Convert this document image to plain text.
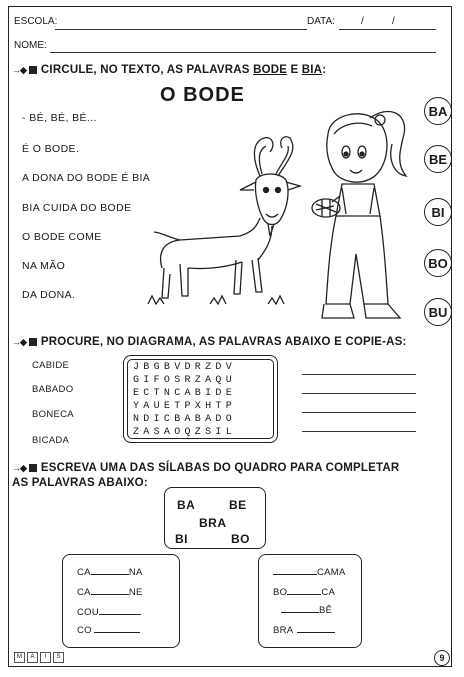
ESCOLA:	DATA:	/	/
NOME:
→◆ CIRCULE, NO TEXTO, AS PALAVRAS BODE E BIA:
O BODE
- BÉ, BÉ, BÉ...
É O BODE.
A DONA DO BODE É BIA
BIA CUIDA DO BODE
O BODE COME
NA MÃO
DA DONA.
BA
BE
BI
BO
BU
→◆ PROCURE, NO DIAGRAMA, AS PALAVRAS ABAIXO E COPIE-AS:
CABIDE
BABADO
BONECA
BICADA
JBGBVDRZDV
GIFOSRZAQU
ECTNCABIDE
YAUETPXHTP
NDICBABADO
ZASAOQZSIL
→◆ ESCREVA UMA DAS SÍLABAS DO QUADRO PARA COMPLETAR
AS PALAVRAS ABAIXO:
BA	BE
BRA
BI	BO
CA	NA
CA	NE
COU
CO
CAMA
BO	CA
BÊ
BRA
M	A	I	S	9
